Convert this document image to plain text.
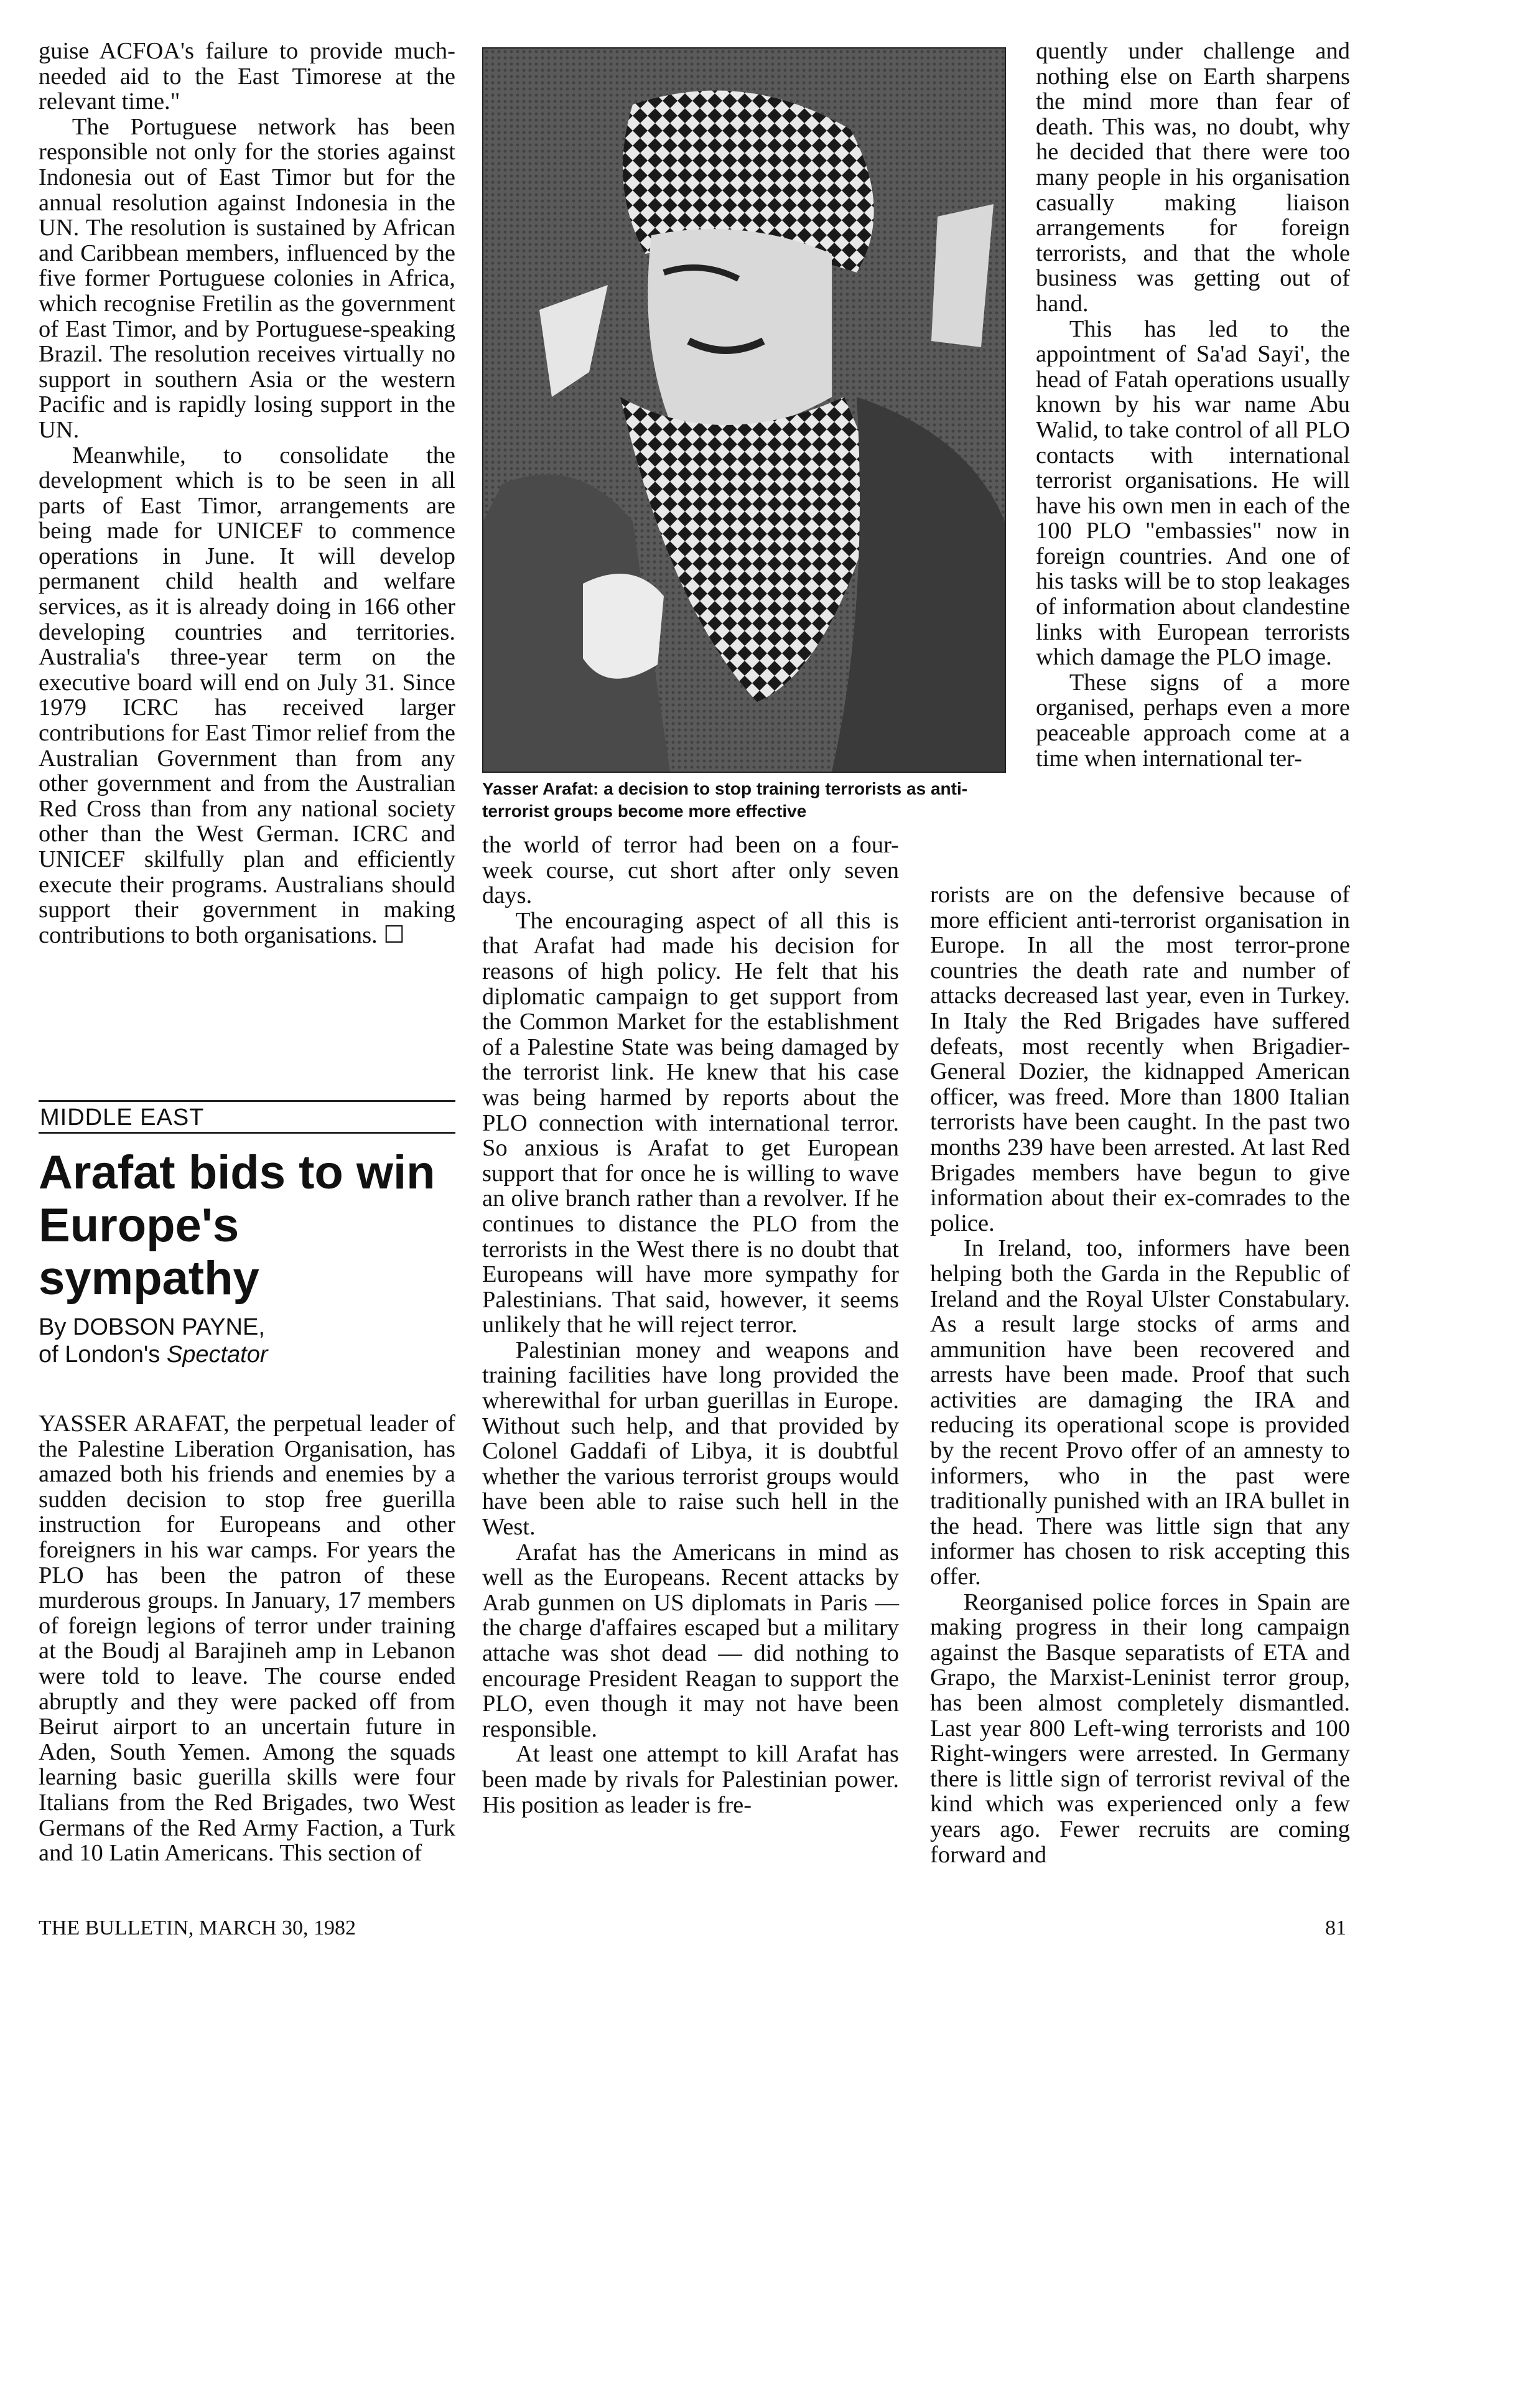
guise ACFOA's failure to provide much-needed aid to the East Timorese at the relevant time."

The Portuguese network has been responsible not only for the stories against Indonesia out of East Timor but for the annual resolution against Indonesia in the UN. The resolution is sustained by African and Caribbean members, influenced by the five former Portuguese colonies in Africa, which recognise Fretilin as the government of East Timor, and by Portuguese-speaking Brazil. The resolution receives virtually no support in southern Asia or the western Pacific and is rapidly losing support in the UN.

Meanwhile, to consolidate the development which is to be seen in all parts of East Timor, arrangements are being made for UNICEF to commence operations in June. It will develop permanent child health and welfare services, as it is already doing in 166 other developing countries and territories. Australia's three-year term on the executive board will end on July 31. Since 1979 ICRC has received larger contributions for East Timor relief from the Australian Government than from any other government and from the Australian Red Cross than from any national society other than the West German. ICRC and UNICEF skilfully plan and efficiently execute their programs. Australians should support their government in making contributions to both organisations. ☐

MIDDLE EAST
Arafat bids to win Europe's sympathy
By DOBSON PAYNE,
of London's Spectator

YASSER ARAFAT, the perpetual leader of the Palestine Liberation Organisation, has amazed both his friends and enemies by a sudden decision to stop free guerilla instruction for Europeans and other foreigners in his war camps. For years the PLO has been the patron of these murderous groups. In January, 17 members of foreign legions of terror under training at the Boudj al Barajineh amp in Lebanon were told to leave. The course ended abruptly and they were packed off from Beirut airport to an uncertain future in Aden, South Yemen. Among the squads learning basic guerilla skills were four Italians from the Red Brigades, two West Germans of the Red Army Faction, a Turk and 10 Latin Americans. This section of

Yasser Arafat: a decision to stop training terrorists as anti-terrorist groups become more effective

the world of terror had been on a four-week course, cut short after only seven days.

The encouraging aspect of all this is that Arafat had made his decision for reasons of high policy. He felt that his diplomatic campaign to get support from the Common Market for the establishment of a Palestine State was being damaged by the terrorist link. He knew that his case was being harmed by reports about the PLO connection with international terror. So anxious is Arafat to get European support that for once he is willing to wave an olive branch rather than a revolver. If he continues to distance the PLO from the terrorists in the West there is no doubt that Europeans will have more sympathy for Palestinians. That said, however, it seems unlikely that he will reject terror.

Palestinian money and weapons and training facilities have long provided the wherewithal for urban guerillas in Europe. Without such help, and that provided by Colonel Gaddafi of Libya, it is doubtful whether the various terrorist groups would have been able to raise such hell in the West.

Arafat has the Americans in mind as well as the Europeans. Recent attacks by Arab gunmen on US diplomats in Paris — the charge d'affaires escaped but a military attache was shot dead — did nothing to encourage President Reagan to support the PLO, even though it may not have been responsible.

At least one attempt to kill Arafat has been made by rivals for Palestinian power. His position as leader is fre-

quently under challenge and nothing else on Earth sharpens the mind more than fear of death. This was, no doubt, why he decided that there were too many people in his organisation casually making liaison arrangements for foreign terrorists, and that the whole business was getting out of hand.

This has led to the appointment of Sa'ad Sayi', the head of Fatah operations usually known by his war name Abu Walid, to take control of all PLO contacts with international terrorist organisations. He will have his own men in each of the 100 PLO "embassies" now in foreign countries. And one of his tasks will be to stop leakages of information about clandestine links with European terrorists which damage the PLO image.

These signs of a more organised, perhaps even a more peaceable approach come at a time when international ter-

rorists are on the defensive because of more efficient anti-terrorist organisation in Europe. In all the most terror-prone countries the death rate and number of attacks decreased last year, even in Turkey. In Italy the Red Brigades have suffered defeats, most recently when Brigadier-General Dozier, the kidnapped American officer, was freed. More than 1800 Italian terrorists have been caught. In the past two months 239 have been arrested. At last Red Brigades members have begun to give information about their ex-comrades to the police.

In Ireland, too, informers have been helping both the Garda in the Republic of Ireland and the Royal Ulster Constabulary. As a result large stocks of arms and ammunition have been recovered and arrests have been made. Proof that such activities are damaging the IRA and reducing its operational scope is provided by the recent Provo offer of an amnesty to informers, who in the past were traditionally punished with an IRA bullet in the head. There was little sign that any informer has chosen to risk accepting this offer.

Reorganised police forces in Spain are making progress in their long campaign against the Basque separatists of ETA and Grapo, the Marxist-Leninist terror group, has been almost completely dismantled. Last year 800 Left-wing terrorists and 100 Right-wingers were arrested. In Germany there is little sign of terrorist revival of the kind which was experienced only a few years ago. Fewer recruits are coming forward and

THE BULLETIN, MARCH 30, 1982	81
